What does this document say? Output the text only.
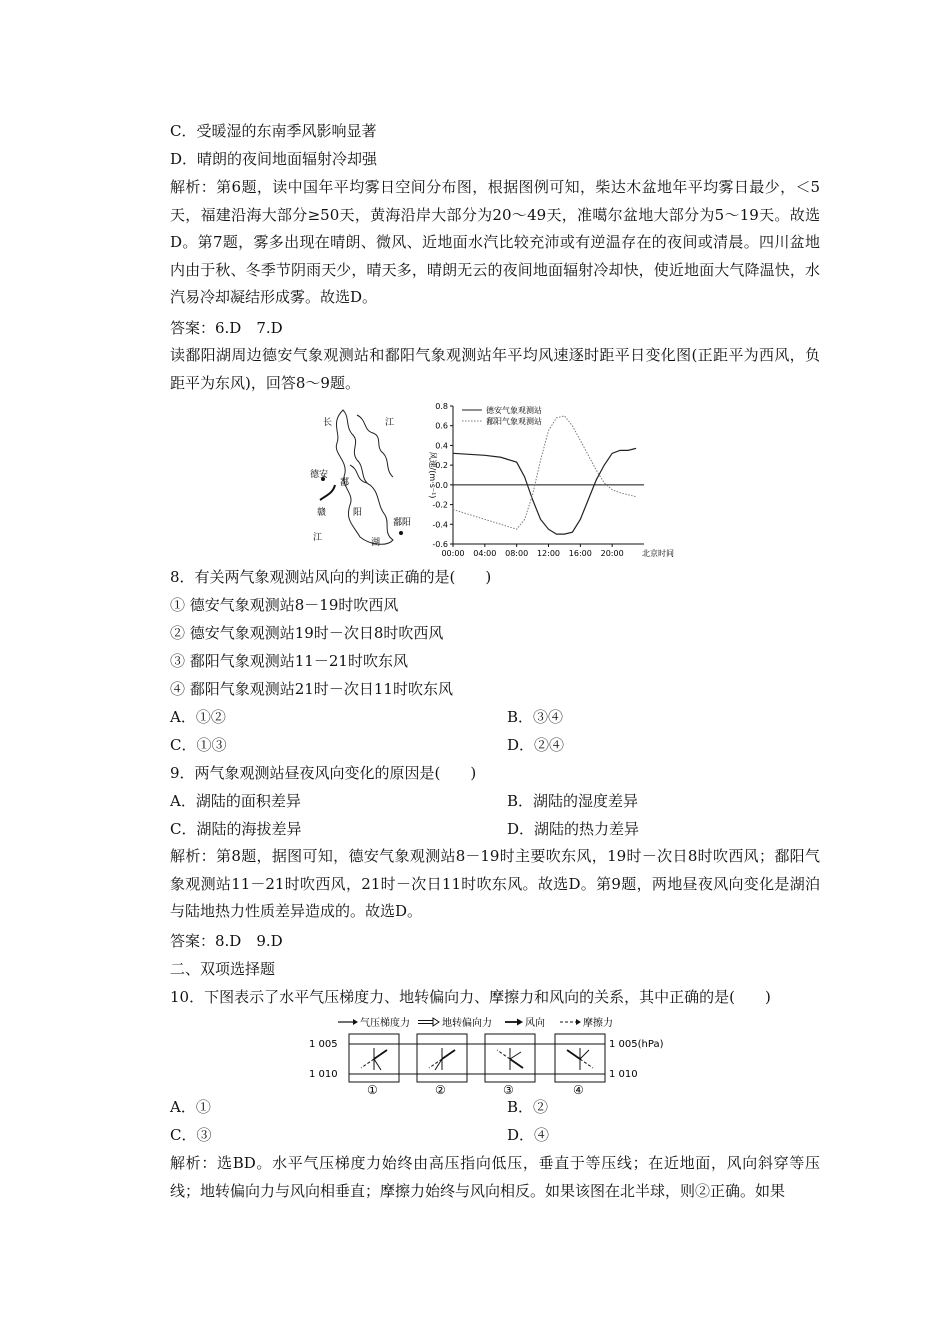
C．受暖湿的东南季风影响显著
D．晴朗的夜间地面辐射冷却强
解析：第6题，读中国年平均雾日空间分布图，根据图例可知，柴达木盆地年平均雾日最少，＜5天，福建沿海大部分≥50天，黄海沿岸大部分为20～49天，准噶尔盆地大部分为5～19天。故选D。第7题，雾多出现在晴朗、微风、近地面水汽比较充沛或有逆温存在的夜间或清晨。四川盆地内由于秋、冬季节阴雨天少，晴天多，晴朗无云的夜间地面辐射冷却快，使近地面大气降温快，水汽易冷却凝结形成雾。故选D。
答案：6.D　7.D
读鄱阳湖周边德安气象观测站和鄱阳气象观测站年平均风速逐时距平日变化图(正距平为西风，负距平为东风)，回答8～9题。
长	江
德安
鄱
阳
湖
赣
江
鄱阳
0.8
0.6
0.4
0.2
0.0
-0.2
-0.4
-0.6
00:00 04:00 08:00 12:00 16:00 20:00 北京时间
风速/(m·s⁻¹)
德安气象观测站
鄱阳气象观测站
8．有关两气象观测站风向的判读正确的是(　　)
① 德安气象观测站8－19时吹西风
② 德安气象观测站19时－次日8时吹西风
③ 鄱阳气象观测站11－21时吹东风
④ 鄱阳气象观测站21时－次日11时吹东风
A．①②	B．③④
C．①③	D．②④
9．两气象观测站昼夜风向变化的原因是(　　)
A．湖陆的面积差异	B．湖陆的湿度差异
C．湖陆的海拔差异	D．湖陆的热力差异
解析：第8题，据图可知，德安气象观测站8－19时主要吹东风，19时－次日8时吹西风；鄱阳气象观测站11－21时吹西风，21时－次日11时吹东风。故选D。第9题，两地昼夜风向变化是湖泊与陆地热力性质差异造成的。故选D。
答案：8.D　9.D
二、双项选择题
10．下图表示了水平气压梯度力、地转偏向力、摩擦力和风向的关系，其中正确的是(　　)
气压梯度力	地转偏向力	风向	摩擦力
1 005
1 010
1 005(hPa)
1 010
①	②	③	④
A．①	B．②
C．③	D．④
解析：选BD。水平气压梯度力始终由高压指向低压，垂直于等压线；在近地面，风向斜穿等压线；地转偏向力与风向相垂直；摩擦力始终与风向相反。如果该图在北半球，则②正确。如果
